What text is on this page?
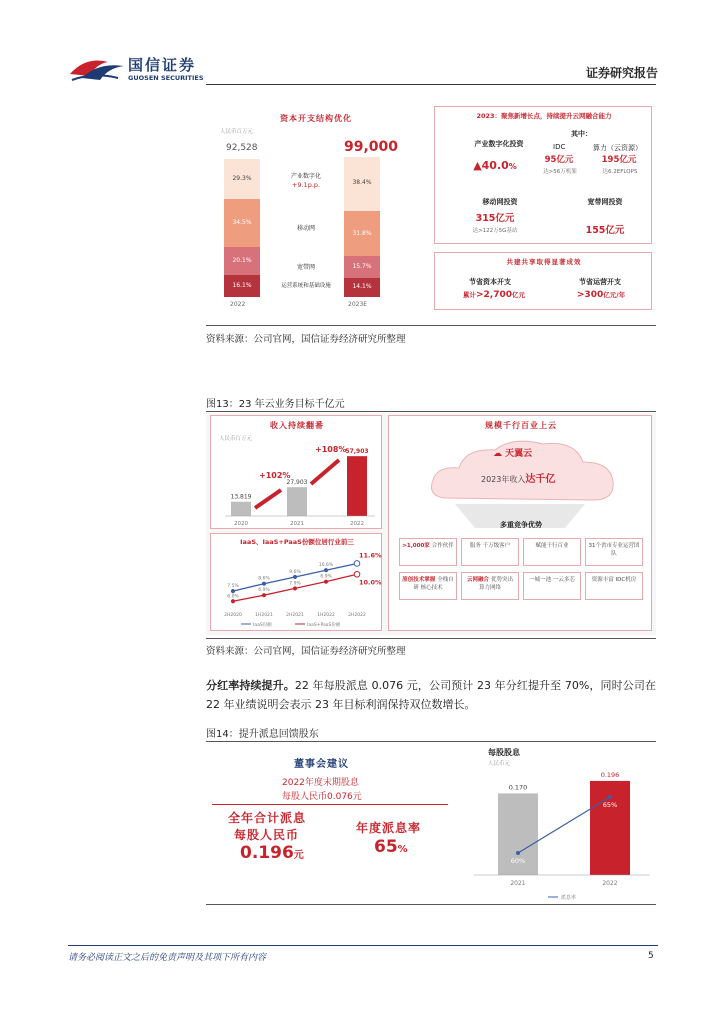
国信证券
GUOSEN SECURITIES	证券研究报告
资本开支结构优化
人民币百万元
92,528	99,000
29.3%
34.5%
20.1%
16.1%
38.4%
31.8%
15.7%
14.1%
产业数字化
+9.1p.p.
移动网
宽带网
运营系统和基础设施
2022	2023E
2023：聚焦新增长点，持续提升云网融合能力
产业数字化投资
▲40.0%
其中：
IDC
95亿元
达>56万机架
算力（云资源）
195亿元
达6.2EFLOPS
移动网投资
315亿元
达>122万5G基站
宽带网投资
155亿元
共建共享取得显著成效
节省资本开支
累计>2,700亿元
节省运营开支
>300亿元/年
资料来源：公司官网，国信证券经济研究所整理
图13：23 年云业务目标千亿元
收入持续翻番
人民币百万元
13,819
2020
27,903
2021
57,903
2022
+102%
+108%
IaaS、IaaS+PaaS份额位居行业前三
7.5%
8.6%
9.6%
10.6%
6.0%
6.9%
7.9%
8.9%
11.6%
10.0%
2H2020	1H2021	2H2021	1H2022	2H2022
IaaS份额	IaaS+PaaS份额
规模千行百业上云
☁ 天翼云
2023年收入达千亿
多重竞争优势
>1,000家 合作伙伴	服务 千万级客户	赋能千行百业	31个省市专业运营团队
原创技术掌握 全栈自研 核心技术
云网融合 优势突出 算力网络
一城一池 一云多芯	资源丰富 IDC机房
资料来源：公司官网，国信证券经济研究所整理
分红率持续提升。22 年每股派息 0.076 元，公司预计 23 年分红提升至 70%，同时公司在 22 年业绩说明会表示 23 年目标利润保持双位数增长。
图14：提升派息回馈股东
董事会建议
2022年度末期股息
每股人民币0.076元
全年合计派息
每股人民币
0.196元
年度派息率
65%
每股股息
人民币元
0.170
2021
0.196
2022
60%
65%
派息率
请务必阅读正文之后的免责声明及其项下所有内容	5
